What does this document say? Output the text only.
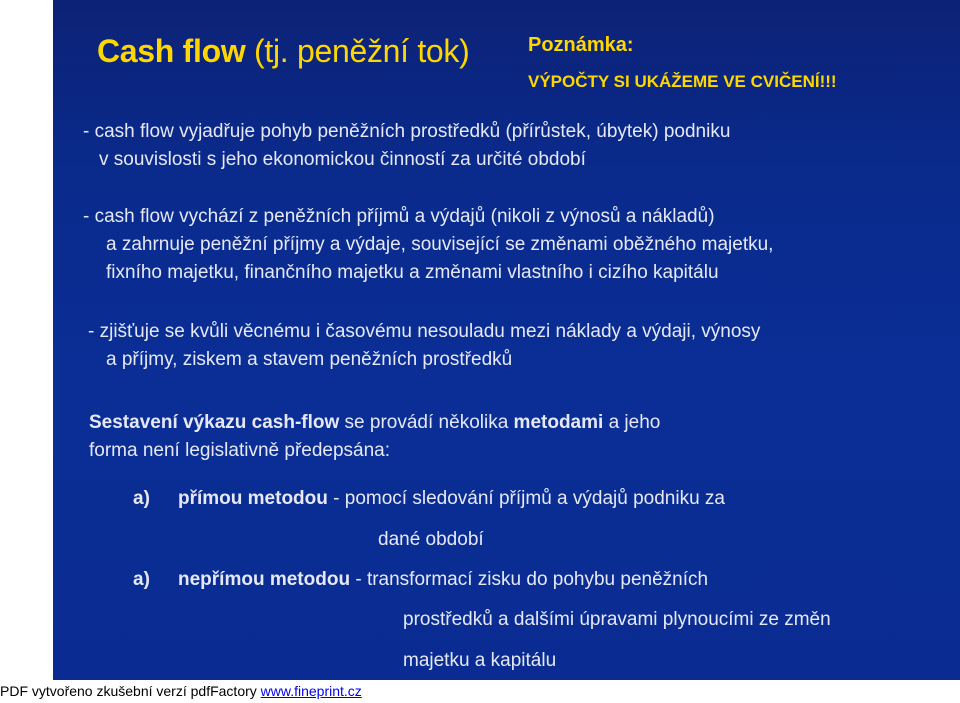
Cash flow (tj. peněžní tok)	Poznámka:
VÝPOČTY SI UKÁŽEME VE CVIČENÍ!!!
- cash flow vyjadřuje pohyb peněžních prostředků (přírůstek, úbytek) podniku
v souvislosti s jeho ekonomickou činností za určité období
- cash flow vychází z peněžních příjmů a výdajů (nikoli z výnosů a nákladů)
a zahrnuje peněžní příjmy a výdaje, související se změnami oběžného majetku,
fixního majetku, finančního majetku a změnami vlastního i cizího kapitálu
- zjišťuje se kvůli věcnému i časovému nesouladu mezi náklady a výdaji, výnosy
a příjmy, ziskem a stavem peněžních prostředků
Sestavení výkazu cash-flow se provádí několika metodami a jeho
forma není legislativně předepsána:
a) přímou metodou - pomocí sledování příjmů a výdajů podniku za
dané období
a) nepřímou metodou - transformací zisku do pohybu peněžních
prostředků a dalšími úpravami plynoucími ze změn
majetku a kapitálu
PDF vytvořeno zkušební verzí pdfFactory www.fineprint.cz
